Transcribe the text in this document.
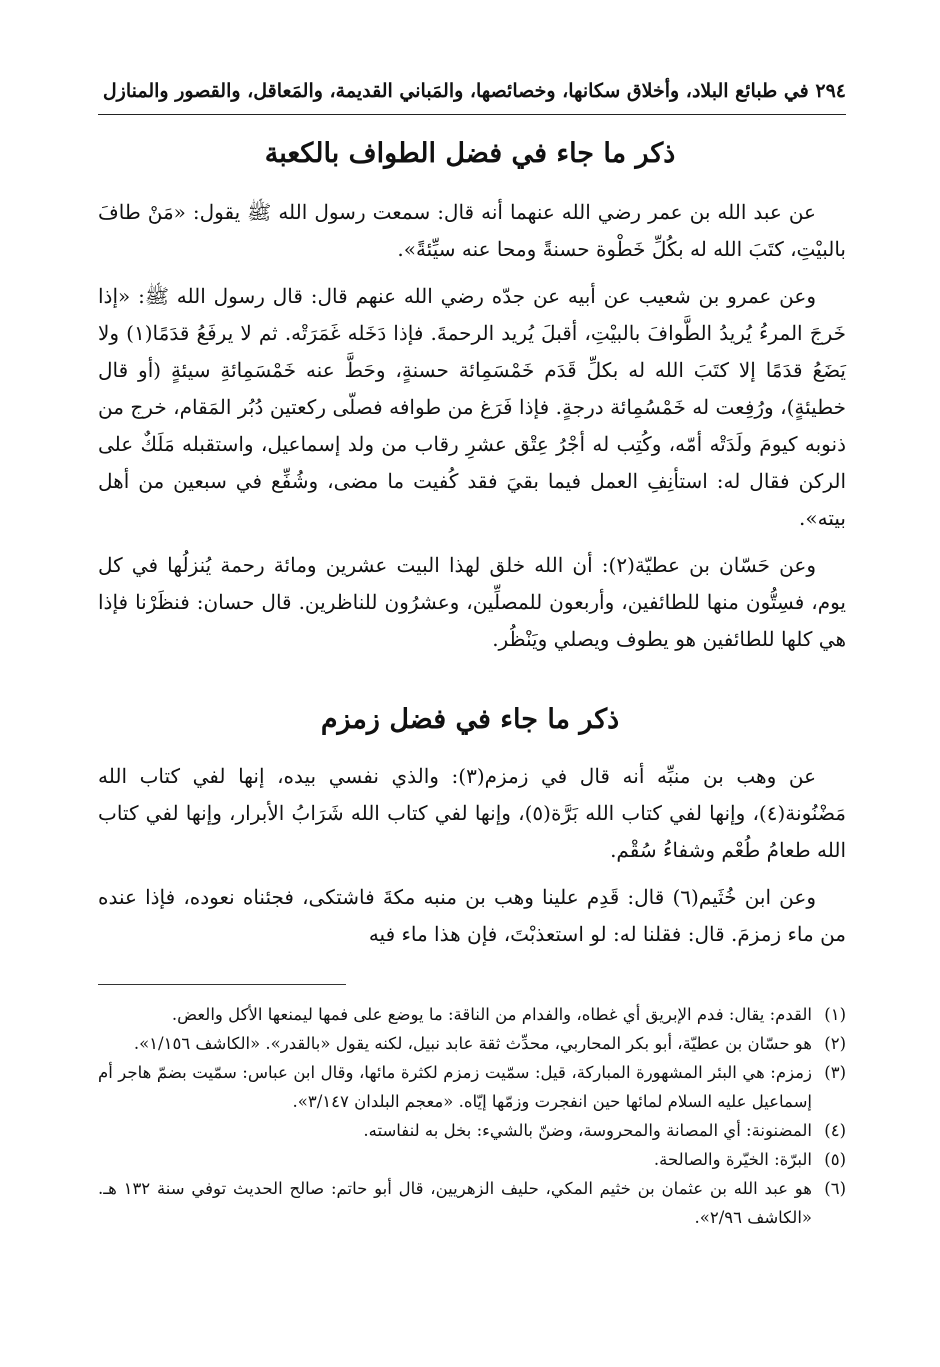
٢٩٤ في طبائع البلاد، وأخلاق سكانها، وخصائصها، والمَباني القديمة، والمَعاقل، والقصور والمنازل
ذكر ما جاء في فضل الطواف بالكعبة

عن عبد الله بن عمر رضي الله عنهما أنه قال: سمعت رسول الله ﷺ يقول: «مَنْ طافَ بالبيْتِ، كتَبَ الله له بكُلِّ خَطْوة حسنةً ومحا عنه سيِّئةً».

وعن عمرو بن شعيب عن أبيه عن جدّه رضي الله عنهم قال: قال رسول الله ﷺ: «إذا خَرجَ المرءُ يُريدُ الطَّوافَ بالبيْتِ، أقبلَ يُريد الرحمةَ. فإذا دَخَله غَمَرَتْه. ثم لا يرفَعُ قدَمًا(١) ولا يَضَعُ قدَمًا إلا كتَبَ الله له بكلِّ قَدَم خَمْسَمِائة حسنةٍ، وحَطَّ عنه خَمْسَمِائةِ سيئةٍ (أو قال خطيئةٍ)، ورُفِعت له خَمْسُمِائة درجةٍ. فإذا فَرَغ من طوافه فصلّى ركعتين دُبُر المَقام، خرج من ذنوبه كيومَ ولَدَتْه أمّه، وكُتِب له أجْرُ عِتْق عشرِ رقاب من ولد إسماعيل، واستقبله مَلَكٌ على الركن فقال له: استأنِفِ العمل فيما بقيَ فقد كُفيت ما مضى، وشُفِّع في سبعين من أهل بيته».

وعن حَسّان بن عطيّة(٢): أن الله خلق لهذا البيت عشرين ومائة رحمة يُنزلُها في كل يوم، فسِتُّون منها للطائفين، وأربعون للمصلِّين، وعشرُون للناظرين. قال حسان: فنظَرْنا فإذا هي كلها للطائفين هو يطوف ويصلي ويَنْظُر.

ذكر ما جاء في فضل زمزم

عن وهب بن منبِّه أنه قال في زمزم(٣): والذي نفسي بيده، إنها لفي كتاب الله مَضْنُونة(٤)، وإنها لفي كتاب الله بَرَّة(٥)، وإنها لفي كتاب الله شَرَابُ الأبرار، وإنها لفي كتاب الله طعامُ طُعْم وشفاءُ سُقْم.

وعن ابن خُثَيم(٦) قال: قَدِم علينا وهب بن منبه مكةَ فاشتكى، فجئناه نعوده، فإذا عنده من ماء زمزمَ. قال: فقلنا له: لو استعذبْتَ، فإن هذا ماء فيه

(١)
القدم: يقال: فدم الإبريق أي غطاه، والفدام من الناقة: ما يوضع على فمها ليمنعها الأكل والعض.
(٢)
هو حسّان بن عطيّة، أبو بكر المحاربي، محدِّث ثقة عابد نبيل، لكنه يقول «بالقدر». «الكاشف ١/١٥٦».
(٣)
زمزم: هي البئر المشهورة المباركة، قيل: سمّيت زمزم لكثرة مائها، وقال ابن عباس: سمّيت بضمّ هاجر أم إسماعيل عليه السلام لمائها حين انفجرت وزمّها إيّاه. «معجم البلدان ٣/١٤٧».
(٤)
المضنونة: أي المصانة والمحروسة، وضنّ بالشيء: بخل به لنفاسته.
(٥)
البرّة: الخيّرة والصالحة.
(٦)
هو عبد الله بن عثمان بن خثيم المكي، حليف الزهريين، قال أبو حاتم: صالح الحديث توفي سنة ١٣٢ هـ. «الكاشف ٢/٩٦».
